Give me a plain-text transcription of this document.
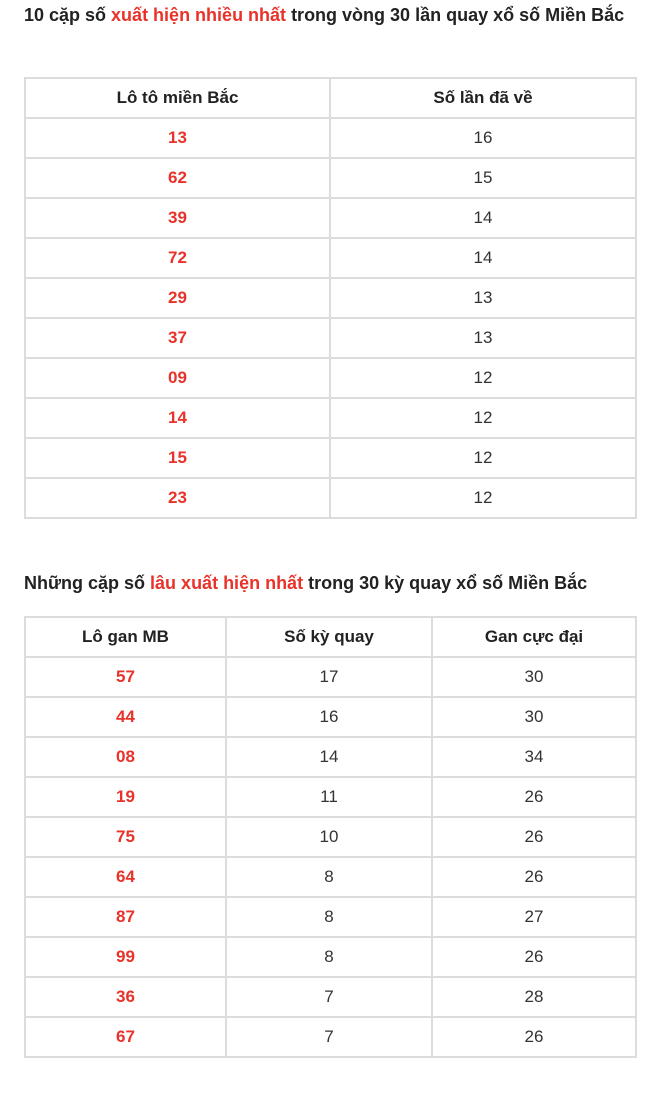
10 cặp số xuất hiện nhiều nhất trong vòng 30 lần quay xổ số Miền Bắc
Lô tô miền Bắc	Số lần đã về
13	16
62	15
39	14
72	14
29	13
37	13
09	12
14	12
15	12
23	12
Những cặp số lâu xuất hiện nhất trong 30 kỳ quay xổ số Miền Bắc
Lô gan MB	Số kỳ quay	Gan cực đại
57	17	30
44	16	30
08	14	34
19	11	26
75	10	26
64	8	26
87	8	27
99	8	26
36	7	28
67	7	26
